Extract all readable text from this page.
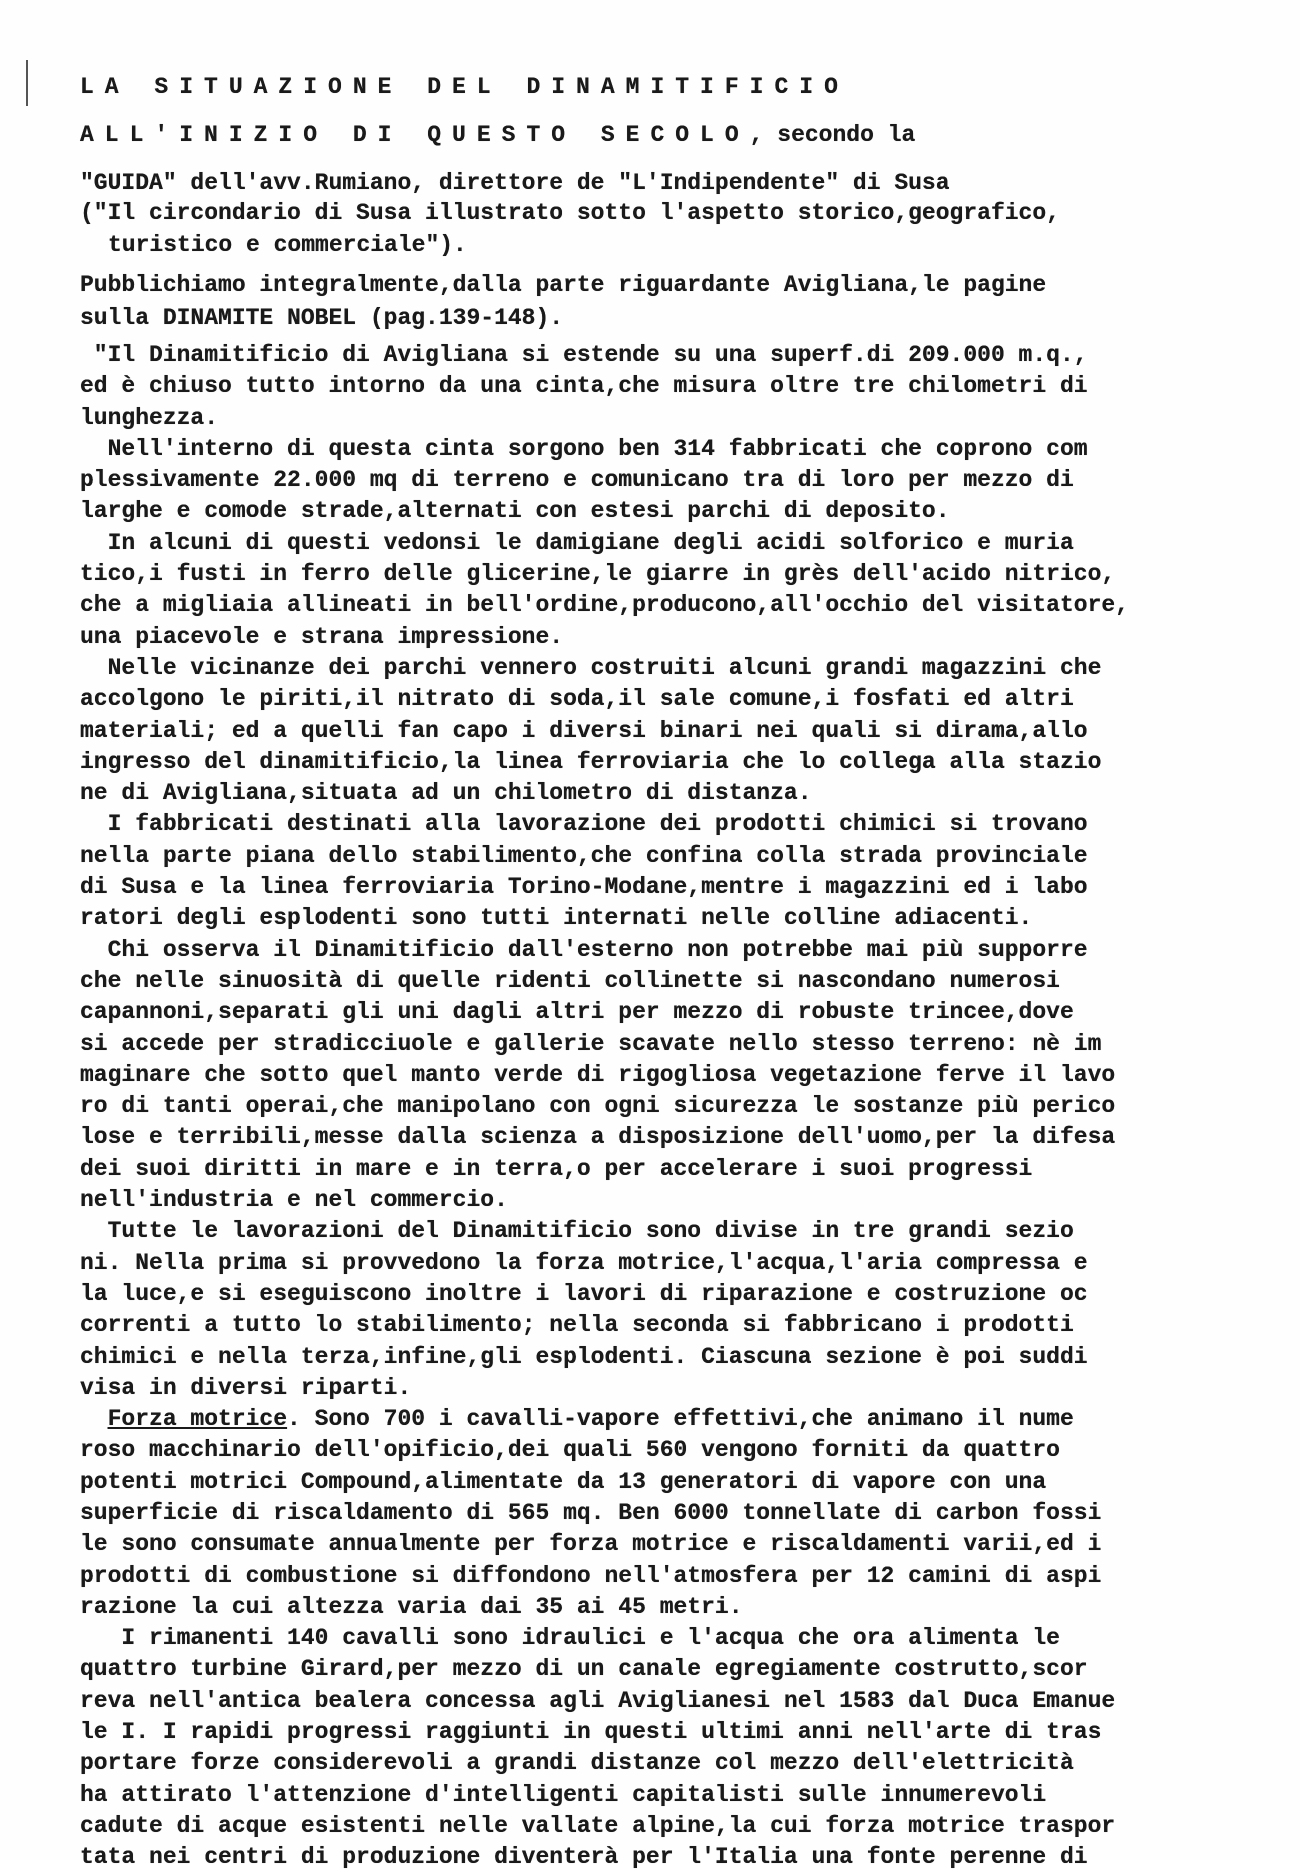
LA SITUAZIONE DEL DINAMITIFICIO
ALL'INIZIO DI QUESTO SECOLO, secondo la
"GUIDA" dell'avv.Rumiano, direttore de "L'Indipendente" di Susa
("Il circondario di Susa illustrato sotto l'aspetto storico,geografico,
turistico e commerciale").
Pubblichiamo integralmente,dalla parte riguardante Avigliana,le pagine
sulla DINAMITE NOBEL (pag.139-148).
"Il Dinamitificio di Avigliana si estende su una superf.di 209.000 m.q.,
ed è chiuso tutto intorno da una cinta,che misura oltre tre chilometri di
lunghezza.
Nell'interno di questa cinta sorgono ben 314 fabbricati che coprono com
plessivamente 22.000 mq di terreno e comunicano tra di loro per mezzo di
larghe e comode strade,alternati con estesi parchi di deposito.
In alcuni di questi vedonsi le damigiane degli acidi solforico e muria
tico,i fusti in ferro delle glicerine,le giarre in grès dell'acido nitrico,
che a migliaia allineati in bell'ordine,producono,all'occhio del visitatore,
una piacevole e strana impressione.
Nelle vicinanze dei parchi vennero costruiti alcuni grandi magazzini che
accolgono le piriti,il nitrato di soda,il sale comune,i fosfati ed altri
materiali; ed a quelli fan capo i diversi binari nei quali si dirama,allo
ingresso del dinamitificio,la linea ferroviaria che lo collega alla stazio
ne di Avigliana,situata ad un chilometro di distanza.
I fabbricati destinati alla lavorazione dei prodotti chimici si trovano
nella parte piana dello stabilimento,che confina colla strada provinciale
di Susa e la linea ferroviaria Torino-Modane,mentre i magazzini ed i labo
ratori degli esplodenti sono tutti internati nelle colline adiacenti.
Chi osserva il Dinamitificio dall'esterno non potrebbe mai più supporre
che nelle sinuosità di quelle ridenti collinette si nascondano numerosi
capannoni,separati gli uni dagli altri per mezzo di robuste trincee,dove
si accede per stradicciuole e gallerie scavate nello stesso terreno: nè im
maginare che sotto quel manto verde di rigogliosa vegetazione ferve il lavo
ro di tanti operai,che manipolano con ogni sicurezza le sostanze più perico
lose e terribili,messe dalla scienza a disposizione dell'uomo,per la difesa
dei suoi diritti in mare e in terra,o per accelerare i suoi progressi
nell'industria e nel commercio.
Tutte le lavorazioni del Dinamitificio sono divise in tre grandi sezio
ni. Nella prima si provvedono la forza motrice,l'acqua,l'aria compressa e
la luce,e si eseguiscono inoltre i lavori di riparazione e costruzione oc
correnti a tutto lo stabilimento; nella seconda si fabbricano i prodotti
chimici e nella terza,infine,gli esplodenti. Ciascuna sezione è poi suddi
visa in diversi riparti.
Forza motrice. Sono 700 i cavalli-vapore effettivi,che animano il nume
roso macchinario dell'opificio,dei quali 560 vengono forniti da quattro
potenti motrici Compound,alimentate da 13 generatori di vapore con una
superficie di riscaldamento di 565 mq. Ben 6000 tonnellate di carbon fossi
le sono consumate annualmente per forza motrice e riscaldamenti varii,ed i
prodotti di combustione si diffondono nell'atmosfera per 12 camini di aspi
razione la cui altezza varia dai 35 ai 45 metri.
I rimanenti 140 cavalli sono idraulici e l'acqua che ora alimenta le
quattro turbine Girard,per mezzo di un canale egregiamente costrutto,scor
reva nell'antica bealera concessa agli Aviglianesi nel 1583 dal Duca Emanue
le I. I rapidi progressi raggiunti in questi ultimi anni nell'arte di tras
portare forze considerevoli a grandi distanze col mezzo dell'elettricità
ha attirato l'attenzione d'intelligenti capitalisti sulle innumerevoli
cadute di acque esistenti nelle vallate alpine,la cui forza motrice traspor
tata nei centri di produzione diventerà per l'Italia una fonte perenne di
